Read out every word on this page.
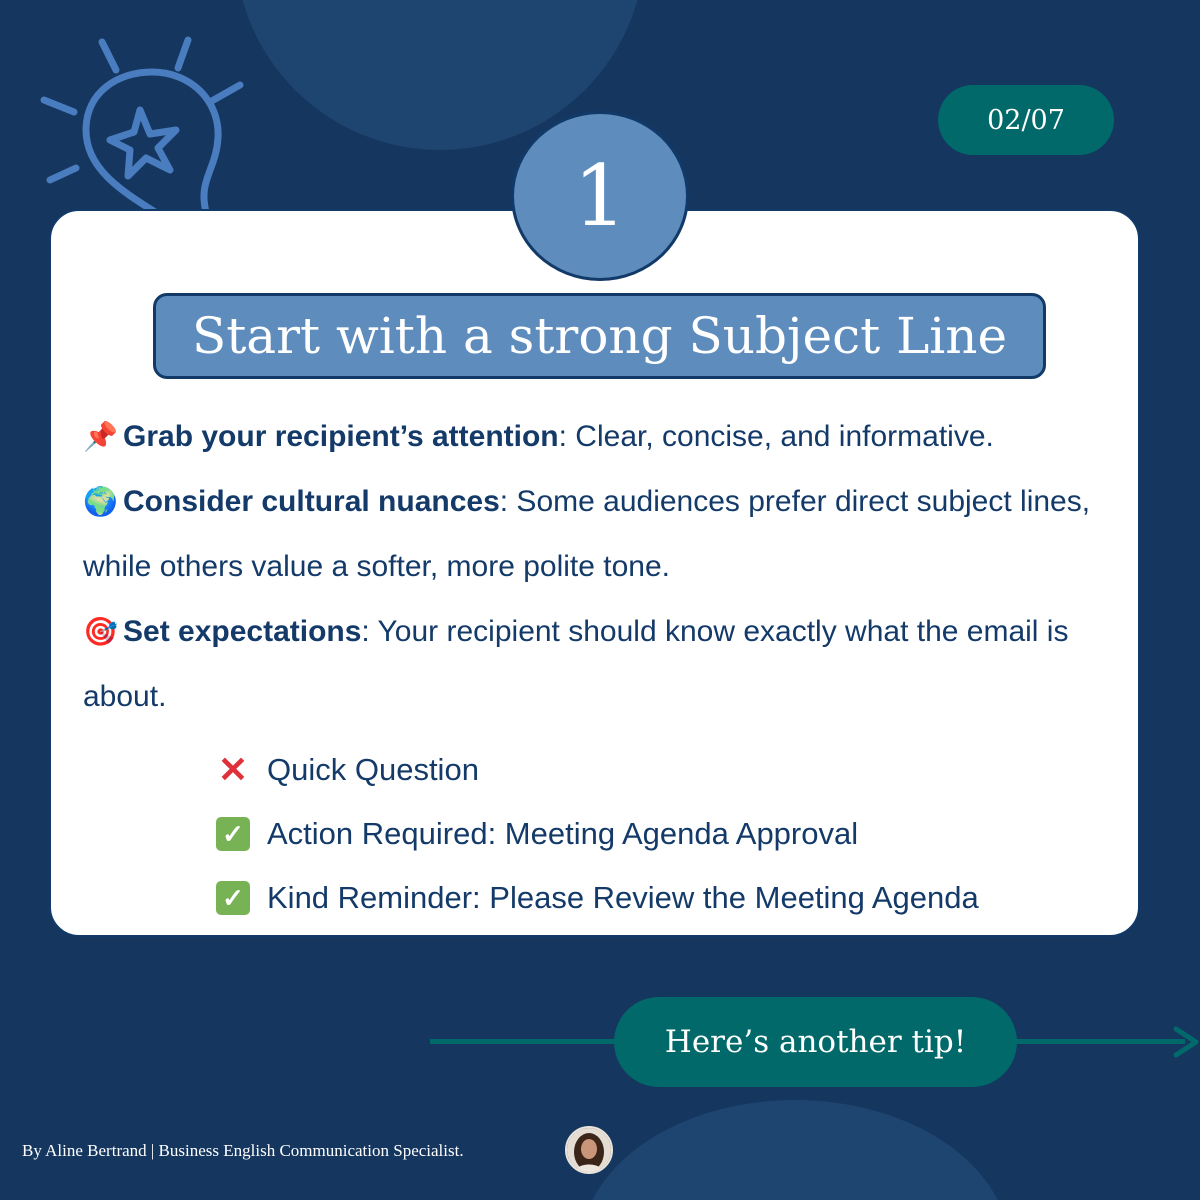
02/07
1
Start with a strong Subject Line
📌 Grab your recipient’s attention: Clear, concise, and informative.
🌍 Consider cultural nuances: Some audiences prefer direct subject lines, while others value a softer, more polite tone.
🎯 Set expectations: Your recipient should know exactly what the email is about.
✕ Quick Question
✓ Action Required: Meeting Agenda Approval
✓ Kind Reminder: Please Review the Meeting Agenda
Here’s another tip!
By Aline Bertrand | Business English Communication Specialist.
